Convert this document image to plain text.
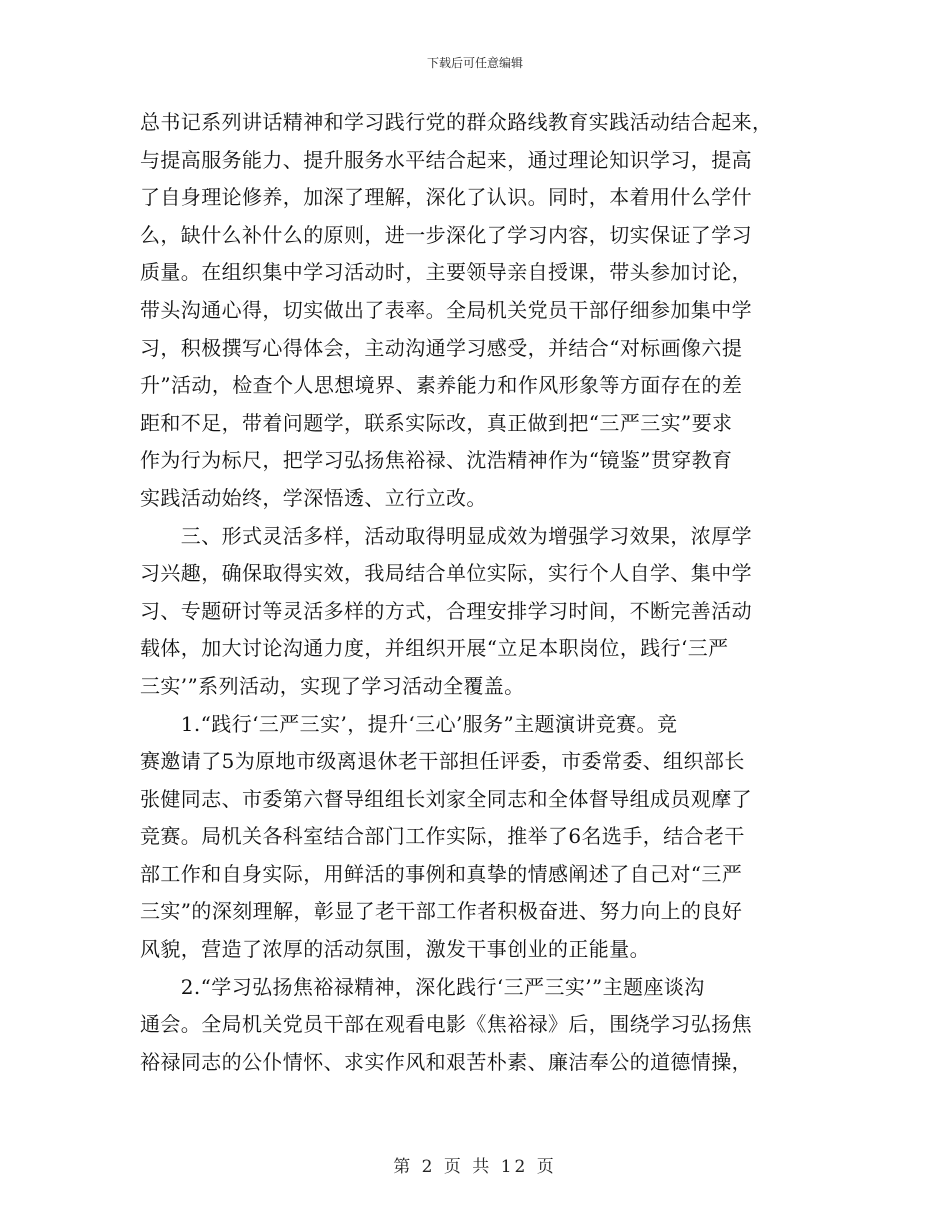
下载后可任意编辑
总书记系列讲话精神和学习践行党的群众路线教育实践活动结合起来，
与提高服务能力、提升服务水平结合起来，通过理论知识学习，提高
了自身理论修养，加深了理解，深化了认识。同时，本着用什么学什
么，缺什么补什么的原则，进一步深化了学习内容，切实保证了学习
质量。在组织集中学习活动时，主要领导亲自授课，带头参加讨论，
带头沟通心得，切实做出了表率。全局机关党员干部仔细参加集中学
习，积极撰写心得体会，主动沟通学习感受，并结合“对标画像六提
升”活动，检查个人思想境界、素养能力和作风形象等方面存在的差
距和不足，带着问题学，联系实际改，真正做到把“三严三实”要求
作为行为标尺，把学习弘扬焦裕禄、沈浩精神作为“镜鉴”贯穿教育
实践活动始终，学深悟透、立行立改。
　　三、形式灵活多样，活动取得明显成效为增强学习效果，浓厚学
习兴趣，确保取得实效，我局结合单位实际，实行个人自学、集中学
习、专题研讨等灵活多样的方式，合理安排学习时间，不断完善活动
载体，加大讨论沟通力度，并组织开展“立足本职岗位，践行‘三严
三实’”系列活动，实现了学习活动全覆盖。
　　1.“践行‘三严三实’，提升‘三心’服务”主题演讲竞赛。竞
赛邀请了5为原地市级离退休老干部担任评委，市委常委、组织部长
张健同志、市委第六督导组组长刘家全同志和全体督导组成员观摩了
竞赛。局机关各科室结合部门工作实际，推举了6名选手，结合老干
部工作和自身实际，用鲜活的事例和真挚的情感阐述了自己对“三严
三实”的深刻理解，彰显了老干部工作者积极奋进、努力向上的良好
风貌，营造了浓厚的活动氛围，激发干事创业的正能量。
　　2.“学习弘扬焦裕禄精神，深化践行‘三严三实’”主题座谈沟
通会。全局机关党员干部在观看电影《焦裕禄》后，围绕学习弘扬焦
裕禄同志的公仆情怀、求实作风和艰苦朴素、廉洁奉公的道德情操，
第 2 页 共 12 页
